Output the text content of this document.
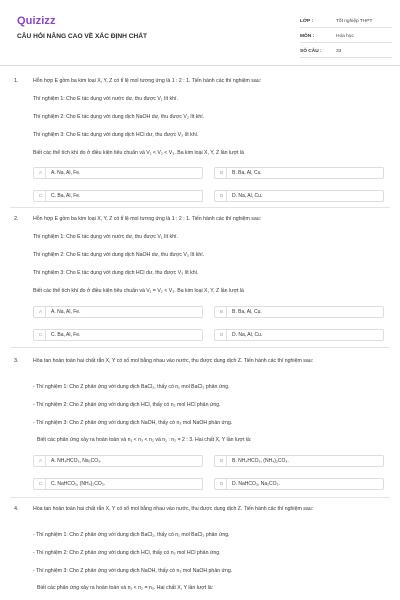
Quizizz
CÂU HỎI NÂNG CAO VỀ XÁC ĐỊNH CHẤT
LỚP :	Tốt nghiệp THPT
MÔN :	Hóa học
SỐ CÂU :	33
1.	Hỗn hợp E gồm ba kim loại X, Y, Z có tỉ lệ mol tương ứng là 1 : 2 : 1. Tiến hành các thí nghiệm sau:
Thí nghiệm 1: Cho E tác dụng với nước dư, thu được V₁ lít khí.
Thí nghiệm 2: Cho E tác dụng với dung dịch NaOH dư, thu được V₂ lít khí.
Thí nghiệm 3: Cho E tác dụng với dung dịch HCl dư, thu được V₃ lít khí.
Biết các thể tích khí đo ở điều kiện tiêu chuẩn và V₁ < V₂ < V₃. Ba kim loại X, Y, Z lần lượt là
A	A. Na, Al, Fe.	B	B. Ba, Al, Cu.
C	C. Ba, Al, Fe.	D	D. Na, Al, Cu.
2.	Hỗn hợp E gồm ba kim loại X, Y, Z có tỉ lệ mol tương ứng là 1 : 2 : 1. Tiến hành các thí nghiệm sau:
Thí nghiệm 1: Cho E tác dụng với nước dư, thu được V₁ lít khí.
Thí nghiệm 2: Cho E tác dụng với dung dịch NaOH dư, thu được V₂ lít khí.
Thí nghiệm 3: Cho E tác dụng với dung dịch HCl dư, thu được V₃ lít khí.
Biết các thể tích khí đo ở điều kiện tiêu chuẩn và V₁ = V₂ < V₃. Ba kim loại X, Y, Z lần lượt là
A	A. Na, Al, Fe.	B	B. Ba, Al, Cu.
C	C. Ba, Al, Fe.	D	D. Na, Al, Cu.
3.	Hòa tan hoàn toàn hai chất rắn X, Y có số mol bằng nhau vào nước, thu được dung dịch Z. Tiến hành các thí nghiệm sau:
- Thí nghiệm 1: Cho Z phản ứng với dung dịch BaCl₂, thấy có n₁ mol BaCl₂ phản ứng.
- Thí nghiệm 2: Cho Z phản ứng với dung dịch HCl, thấy có n₂ mol HCl phản ứng.
- Thí nghiệm 3: Cho Z phản ứng với dung dịch NaOH, thấy có n₃ mol NaOH phản ứng.
Biết các phản ứng xảy ra hoàn toàn và n₁ < n₃ < n₂ và n₁ : n₂ = 2 : 3. Hai chất X, Y lần lượt là:
A	A. NH₄HCO₃, Na₂CO₃.	B	B. NH₄HCO₃, (NH₄)₂CO₃.
C	C. NaHCO₃, (NH₄)₂CO₃.	D	D. NaHCO₃, Na₂CO₃.
4.	Hòa tan hoàn toàn hai chất rắn X, Y có số mol bằng nhau vào nước, thu được dung dịch Z. Tiến hành các thí nghiệm sau:
- Thí nghiệm 1: Cho Z phản ứng với dung dịch BaCl₂, thấy có n₁ mol BaCl₂ phản ứng.
- Thí nghiệm 2: Cho Z phản ứng với dung dịch HCl, thấy có n₂ mol HCl phản ứng.
- Thí nghiệm 3: Cho Z phản ứng với dung dịch NaOH, thấy có n₃ mol NaOH phản ứng.
Biết các phản ứng xảy ra hoàn toàn và n₁ < n₂ = n₃. Hai chất X, Y lần lượt là:
